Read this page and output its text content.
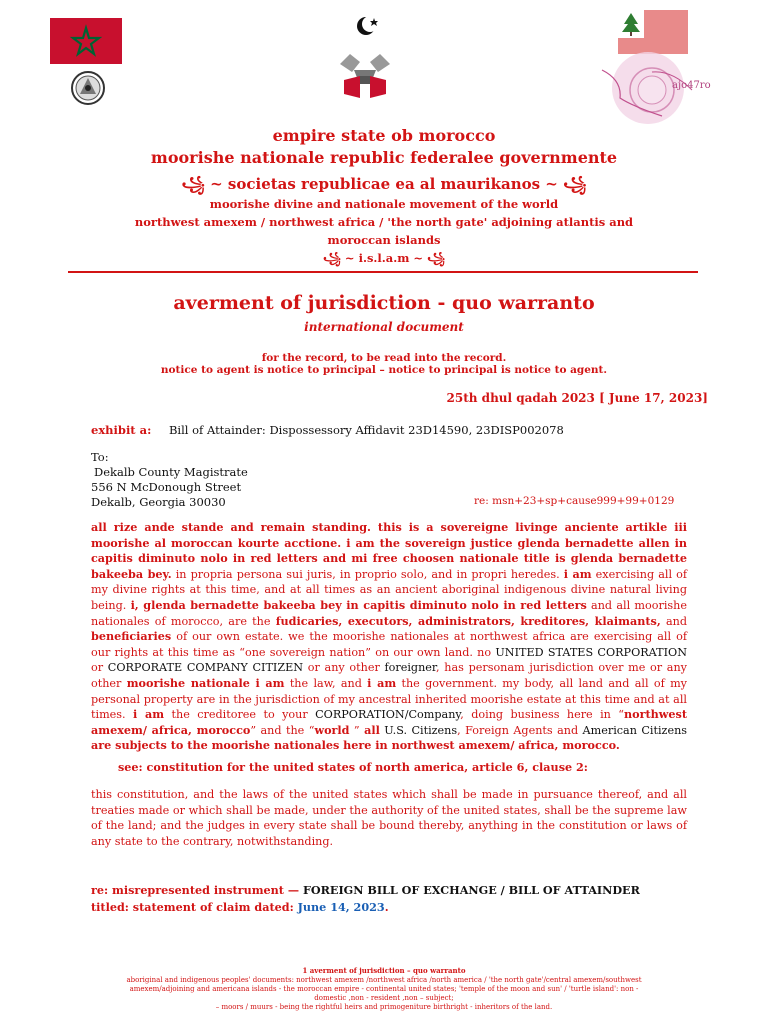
ajo47ro
empire state ob morocco
moorishe nationale republic federalee governmente
꧁ ~ societas republicae ea al maurikanos ~ ꧁
moorishe divine and nationale movement of the world
northwest amexem / northwest africa / 'the north gate' adjoining atlantis and
moroccan islands
꧁ ~ i.s.l.a.m ~ ꧁
averment of jurisdiction - quo warranto
international document
for the record, to be read into the record.
notice to agent is notice to principal – notice to principal is notice to agent.
25th dhul qadah 2023 [ June 17, 2023]
exhibit a: Bill of Attainder: Dispossessory Affidavit 23D14590, 23DISP002078
To:
Dekalb County Magistrate
556 N McDonough Street
Dekalb, Georgia 30030	re: msn+23+sp+cause999+99+0129
all rize ande stande and remain standing. this is a sovereigne livinge anciente artikle iii moorishe al moroccan kourte acctione. i am the sovereign justice glenda bernadette allen in capitis diminuto nolo in red letters and mi free choosen nationale title is glenda bernadette bakeeba bey. in propria persona sui juris, in proprio solo, and in propri heredes. i am exercising all of my divine rights at this time, and at all times as an ancient aboriginal indigenous divine natural living being. i, glenda bernadette bakeeba bey in capitis diminuto nolo in red letters and all moorishe nationales of morocco, are the fudicaries, executors, administrators, kreditores, klaimants, and beneficiaries of our own estate. we the moorishe nationales at northwest africa are exercising all of our rights at this time as “one sovereign nation” on our own land. no UNITED STATES CORPORATION or CORPORATE COMPANY CITIZEN or any other foreigner, has personam jurisdiction over me or any other moorishe nationale i am the law, and i am the government. my body, all land and all of my personal property are in the jurisdiction of my ancestral inherited moorishe estate at this time and at all times. i am the creditoree to your CORPORATION/Company, doing business here in “northwest amexem/ africa, morocco” and the “world ” all U.S. Citizens, Foreign Agents and American Citizens are subjects to the moorishe nationales here in northwest amexem/ africa, morocco.
see: constitution for the united states of north america, article 6, clause 2:
this constitution, and the laws of the united states which shall be made in pursuance thereof, and all treaties made or which shall be made, under the authority of the united states, shall be the supreme law of the land; and the judges in every state shall be bound thereby, anything in the constitution or laws of any state to the contrary, notwithstanding.
re: misrepresented instrument — FOREIGN BILL OF EXCHANGE / BILL OF ATTAINDER
titled: statement of claim dated: June 14, 2023.
1 averment of jurisdiction – quo warranto
aboriginal and indigenous peoples' documents: northwest amexem /northwest africa /north america / 'the north gate'/central amexem/southwest
amexem/adjoining and americana islands - the moroccan empire - continental united states; 'temple of the moon and sun' / 'turtle island': non -
domestic ,non - resident ,non – subject;
– moors / muurs - being the rightful heirs and primogeniture birthright - inheritors of the land.
